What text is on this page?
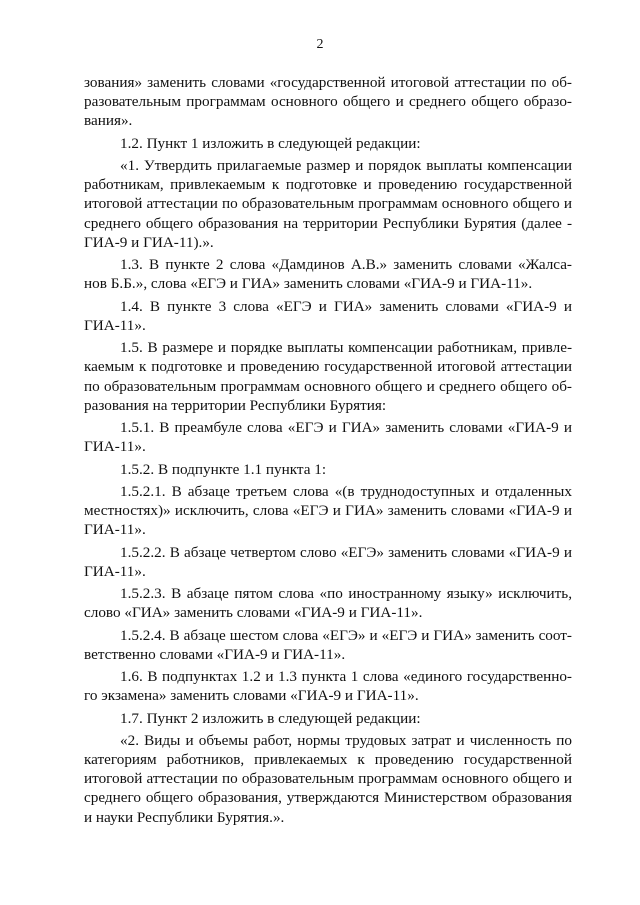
2
зования» заменить словами «государственной итоговой аттестации по об-
разовательным программам основного общего и среднего общего образо-
вания».
1.2. Пункт 1 изложить в следующей редакции:
«1. Утвердить прилагаемые размер и порядок выплаты компенсации
работникам, привлекаемым к подготовке и проведению государственной
итоговой аттестации по образовательным программам основного общего и
среднего общего образования на территории Республики Бурятия (далее -
ГИА-9 и ГИА-11).».
1.3. В пункте 2 слова «Дамдинов А.В.» заменить словами «Жалса-
нов Б.Б.», слова «ЕГЭ и ГИА» заменить словами «ГИА-9 и ГИА-11».
1.4. В пункте 3 слова «ЕГЭ и ГИА» заменить словами «ГИА-9 и
ГИА-11».
1.5. В размере и порядке выплаты компенсации работникам, привле-
каемым к подготовке и проведению государственной итоговой аттестации
по образовательным программам основного общего и среднего общего об-
разования на территории Республики Бурятия:
1.5.1. В преамбуле слова «ЕГЭ и ГИА» заменить словами «ГИА-9 и
ГИА-11».
1.5.2. В подпункте 1.1 пункта 1:
1.5.2.1. В абзаце третьем слова «(в труднодоступных и отдаленных
местностях)» исключить, слова «ЕГЭ и ГИА» заменить словами «ГИА-9 и
ГИА-11».
1.5.2.2. В абзаце четвертом слово «ЕГЭ» заменить словами «ГИА-9 и
ГИА-11».
1.5.2.3. В абзаце пятом слова «по иностранному языку» исключить,
слово «ГИА» заменить словами «ГИА-9 и ГИА-11».
1.5.2.4. В абзаце шестом слова «ЕГЭ» и «ЕГЭ и ГИА» заменить соот-
ветственно словами «ГИА-9 и ГИА-11».
1.6. В подпунктах 1.2 и 1.3 пункта 1 слова «единого государственно-
го экзамена» заменить словами «ГИА-9 и ГИА-11».
1.7. Пункт 2 изложить в следующей редакции:
«2. Виды и объемы работ, нормы трудовых затрат и численность по
категориям работников, привлекаемых к проведению государственной
итоговой аттестации по образовательным программам основного общего и
среднего общего образования, утверждаются Министерством образования
и науки Республики Бурятия.».
